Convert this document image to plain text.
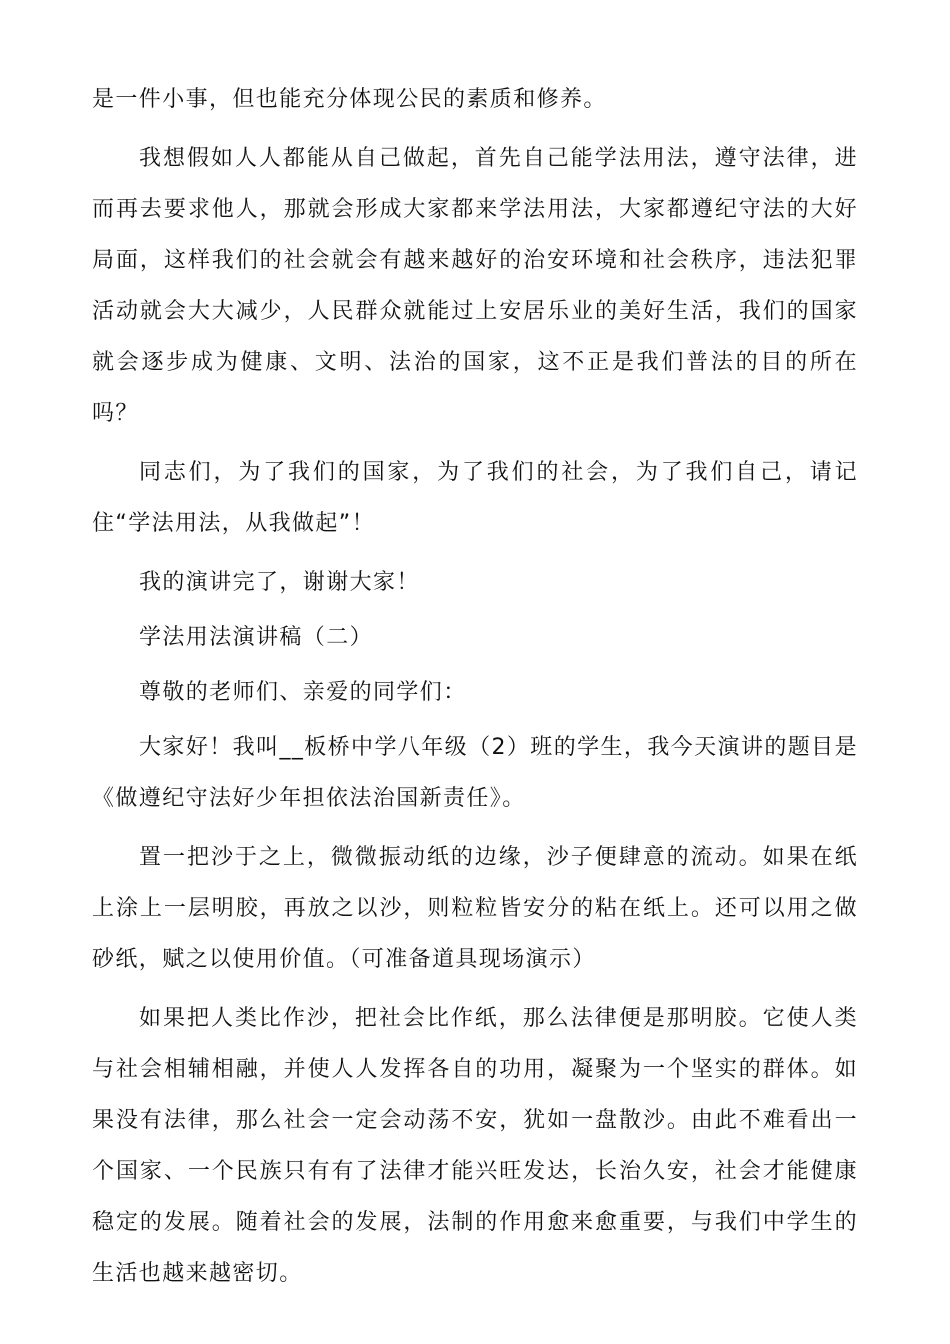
是一件小事，但也能充分体现公民的素质和修养。

我想假如人人都能从自己做起，首先自己能学法用法，遵守法律，进而再去要求他人，那就会形成大家都来学法用法，大家都遵纪守法的大好局面，这样我们的社会就会有越来越好的治安环境和社会秩序，违法犯罪活动就会大大减少，人民群众就能过上安居乐业的美好生活，我们的国家就会逐步成为健康、文明、法治的国家，这不正是我们普法的目的所在吗？

同志们，为了我们的国家，为了我们的社会，为了我们自己，请记住“学法用法，从我做起”！

我的演讲完了，谢谢大家！

学法用法演讲稿（二）

尊敬的老师们、亲爱的同学们：

大家好！我叫__板桥中学八年级（2）班的学生，我今天演讲的题目是《做遵纪守法好少年担依法治国新责任》。

置一把沙于之上，微微振动纸的边缘，沙子便肆意的流动。如果在纸上涂上一层明胶，再放之以沙，则粒粒皆安分的粘在纸上。还可以用之做砂纸，赋之以使用价值。（可准备道具现场演示）

如果把人类比作沙，把社会比作纸，那么法律便是那明胶。它使人类与社会相辅相融，并使人人发挥各自的功用，凝聚为一个坚实的群体。如果没有法律，那么社会一定会动荡不安，犹如一盘散沙。由此不难看出一个国家、一个民族只有有了法律才能兴旺发达，长治久安，社会才能健康稳定的发展。随着社会的发展，法制的作用愈来愈重要，与我们中学生的生活也越来越密切。
